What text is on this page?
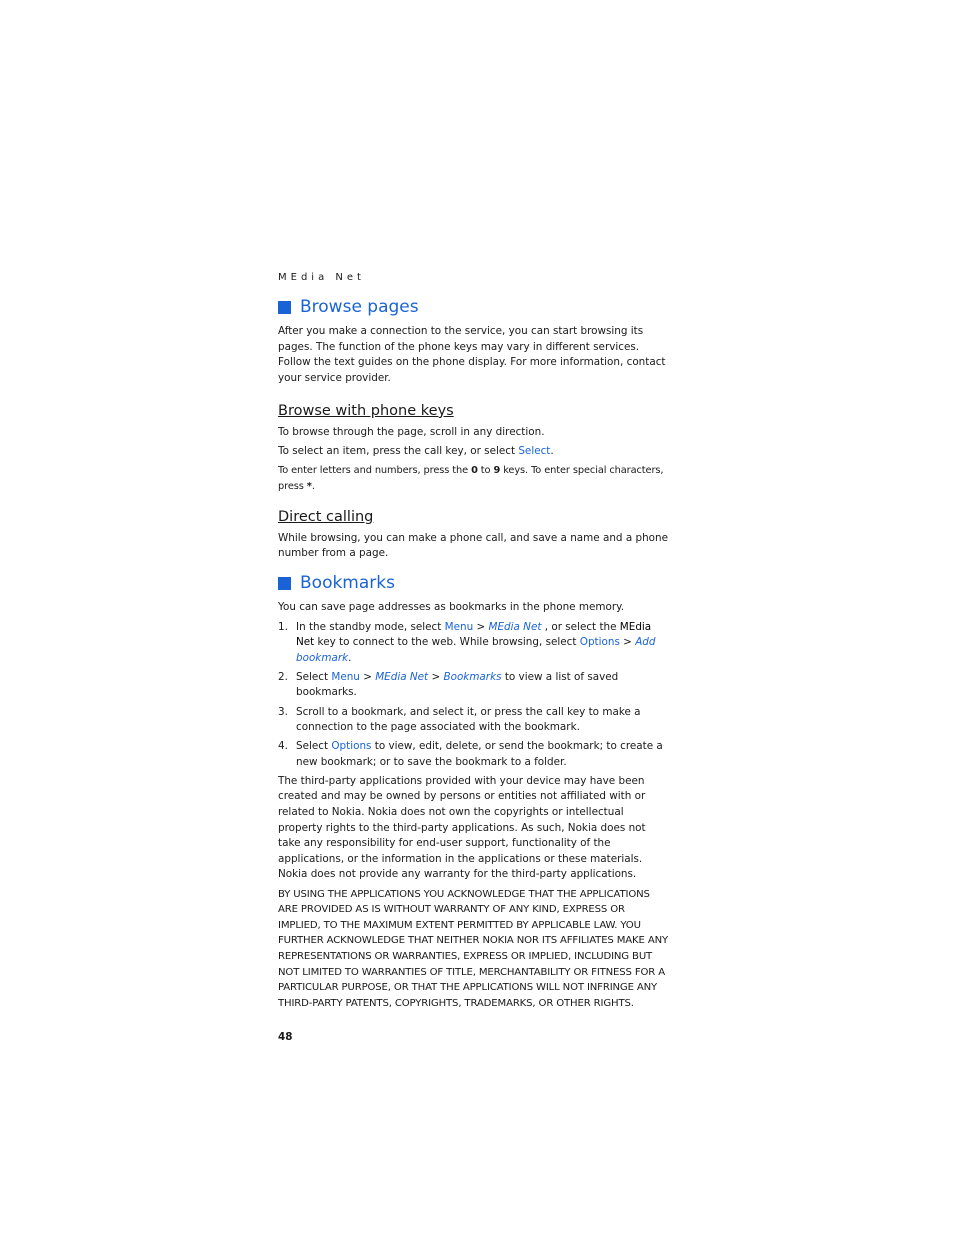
MEdia Net
Browse pages

After you make a connection to the service, you can start browsing its pages. The function of the phone keys may vary in different services. Follow the text guides on the phone display. For more information, contact your service provider.

Browse with phone keys

To browse through the page, scroll in any direction.

To select an item, press the call key, or select Select.

To enter letters and numbers, press the 0 to 9 keys. To enter special characters, press *.

Direct calling

While browsing, you can make a phone call, and save a name and a phone number from a page.

Bookmarks

You can save page addresses as bookmarks in the phone memory.

1. In the standby mode, select Menu > MEdia Net , or select the MEdia Net key to connect to the web. While browsing, select Options > Add bookmark.
2. Select Menu > MEdia Net > Bookmarks to view a list of saved bookmarks.
3. Scroll to a bookmark, and select it, or press the call key to make a connection to the page associated with the bookmark.
4. Select Options to view, edit, delete, or send the bookmark; to create a new bookmark; or to save the bookmark to a folder.

The third-party applications provided with your device may have been created and may be owned by persons or entities not affiliated with or related to Nokia. Nokia does not own the copyrights or intellectual property rights to the third-party applications. As such, Nokia does not take any responsibility for end-user support, functionality of the applications, or the information in the applications or these materials. Nokia does not provide any warranty for the third-party applications.

BY USING THE APPLICATIONS YOU ACKNOWLEDGE THAT THE APPLICATIONS ARE PROVIDED AS IS WITHOUT WARRANTY OF ANY KIND, EXPRESS OR IMPLIED, TO THE MAXIMUM EXTENT PERMITTED BY APPLICABLE LAW. YOU FURTHER ACKNOWLEDGE THAT NEITHER NOKIA NOR ITS AFFILIATES MAKE ANY REPRESENTATIONS OR WARRANTIES, EXPRESS OR IMPLIED, INCLUDING BUT NOT LIMITED TO WARRANTIES OF TITLE, MERCHANTABILITY OR FITNESS FOR A PARTICULAR PURPOSE, OR THAT THE APPLICATIONS WILL NOT INFRINGE ANY THIRD-PARTY PATENTS, COPYRIGHTS, TRADEMARKS, OR OTHER RIGHTS.

48
